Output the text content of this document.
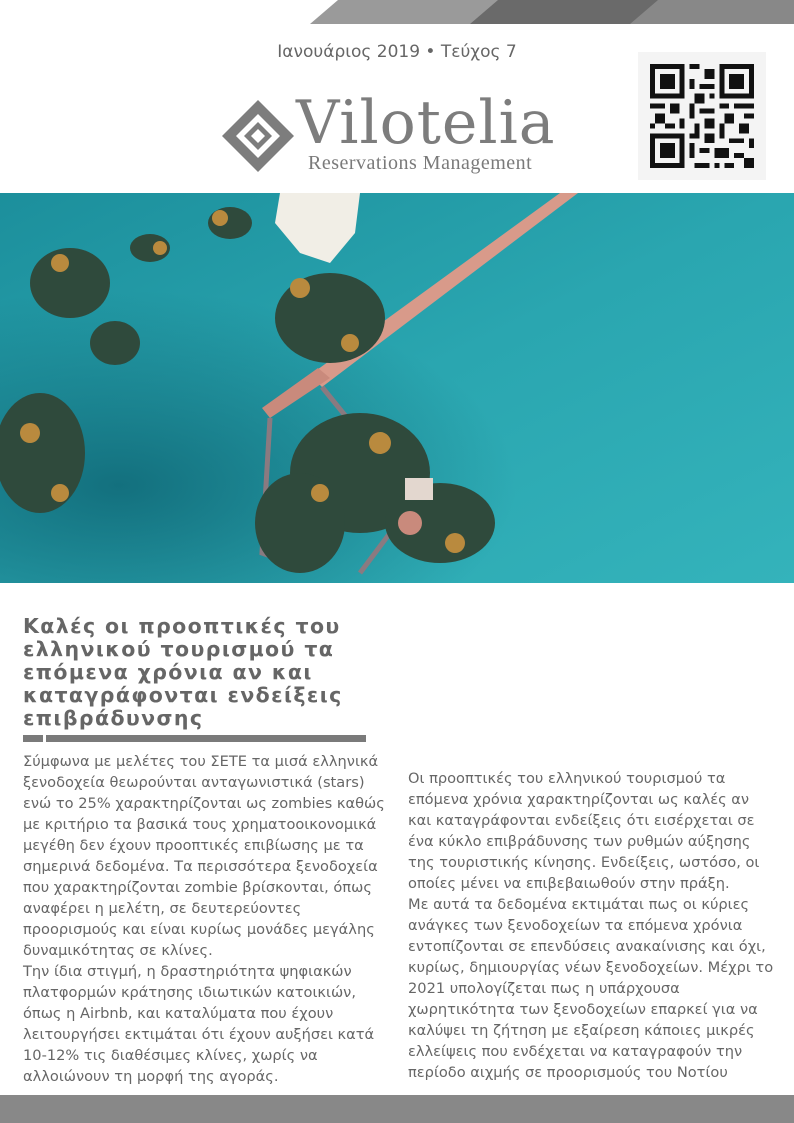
Ιανουάριος 2019 • Τεύχος 7
Vilotelia
Reservations Management
Καλές οι προοπτικές του ελληνικού τουρισμού τα επόμενα χρόνια αν και καταγράφονται ενδείξεις επιβράδυνσης

Σύμφωνα με μελέτες του ΣΕΤΕ τα μισά ελληνικά ξενοδοχεία θεωρούνται ανταγωνιστικά (stars) ενώ το 25% χαρακτηρίζονται ως zombies καθώς με κριτήριο τα βασικά τους χρηματοοικονομικά μεγέθη δεν έχουν προοπτικές επιβίωσης με τα σημερινά δεδομένα. Τα περισσότερα ξενοδοχεία που χαρακτηρίζονται zombie βρίσκονται, όπως αναφέρει η μελέτη, σε δευτερεύοντες προορισμούς και είναι κυρίως μονάδες μεγάλης δυναμικότητας σε κλίνες.

Την ίδια στιγμή, η δραστηριότητα ψηφιακών πλατφορμών κράτησης ιδιωτικών κατοικιών, όπως η Airbnb, και καταλύματα που έχουν λειτουργήσει εκτιμάται ότι έχουν αυξήσει κατά 10-12% τις διαθέσιμες κλίνες, χωρίς να αλλοιώνουν τη μορφή της αγοράς.

Οι προοπτικές του ελληνικού τουρισμού τα επόμενα χρόνια χαρακτηρίζονται ως καλές αν και καταγράφονται ενδείξεις ότι εισέρχεται σε ένα κύκλο επιβράδυνσης των ρυθμών αύξησης της τουριστικής κίνησης. Ενδείξεις, ωστόσο, οι οποίες μένει να επιβεβαιωθούν στην πράξη.

Με αυτά τα δεδομένα εκτιμάται πως οι κύριες ανάγκες των ξενοδοχείων τα επόμενα χρόνια εντοπίζονται σε επενδύσεις ανακαίνισης και όχι, κυρίως, δημιουργίας νέων ξενοδοχείων. Μέχρι το 2021 υπολογίζεται πως η υπάρχουσα χωρητικότητα των ξενοδοχείων επαρκεί για να καλύψει τη ζήτηση με εξαίρεση κάποιες μικρές ελλείψεις που ενδέχεται να καταγραφούν την περίοδο αιχμής σε προορισμούς του Νοτίου
